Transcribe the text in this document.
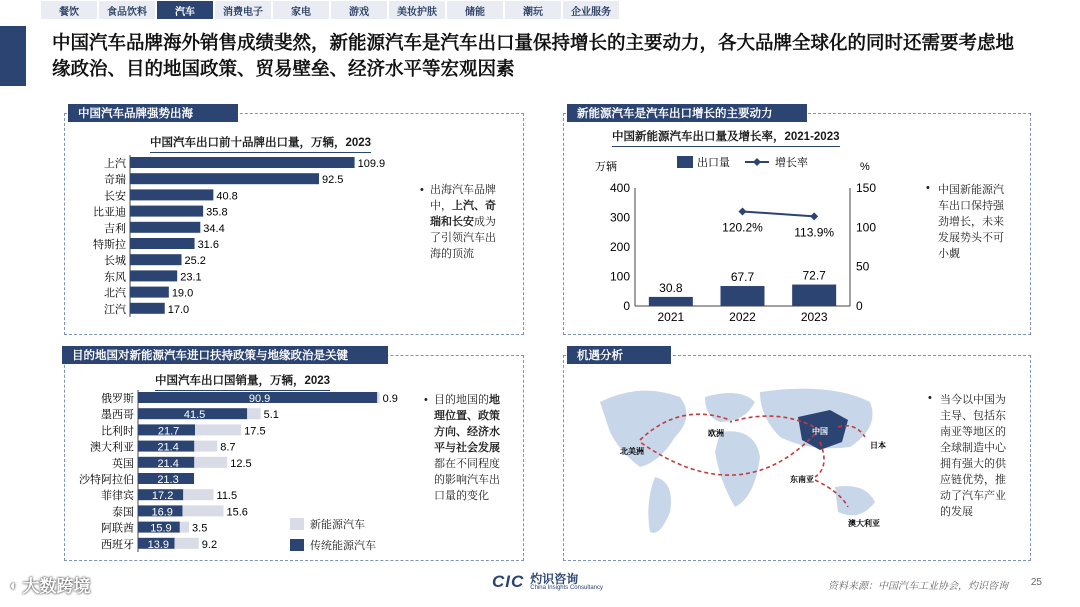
餐饮	食品饮料	汽车	消费电子	家电	游戏	美妆护肤	储能	潮玩	企业服务
中国汽车品牌海外销售成绩斐然，新能源汽车是汽车出口量保持增长的主要动力，各大品牌全球化的同时还需要考虑地缘政治、目的地国政策、贸易壁垒、经济水平等宏观因素
中国汽车品牌强势出海
中国汽车出口前十品牌出口量，万辆，2023
上汽	109.9
奇瑞	92.5
长安	40.8
比亚迪	35.8
吉利	34.4
特斯拉	31.6
长城	25.2
东风	23.1
北汽	19.0
江汽	17.0
• 出海汽车品牌中，上汽、奇瑞和长安成为了引领汽车出海的顶流
新能源汽车是汽车出口增长的主要动力
中国新能源汽车出口量及增长率，2021-2023
万辆	%
出口量	增长率
0
100
200
300
400
0
50
100
150
30.8
2021
67.7
2022
72.7
2023
120.2%	113.9%
中国新能源汽车出口保持强劲增长，未来发展势头不可小觑
•
目的地国对新能源汽车进口扶持政策与地缘政治是关键
中国汽车出口国销量，万辆，2023
俄罗斯	90.9	0.9
墨西哥	41.5	5.1
比利时 21.7	17.5
澳大利亚 21.4	8.7
英国 21.4	12.5
沙特阿拉伯 21.3
菲律宾 17.2	11.5
泰国 16.9	15.6
阿联酋 15.9 3.5
西班牙 13.9	9.2
• 目的地国的地理位置、政策方向、经济水平与社会发展都在不同程度的影响汽车出口量的变化
新能源汽车
传统能源汽车
机遇分析
北美洲
欧洲	中国
日本
东南亚
澳大利亚
当今以中国为主导、包括东南亚等地区的全球制造中心拥有强大的供应链优势，推动了汽车产业的发展
•
◐ 大数跨境	CIC 灼识咨询
China Insights Consultancy	资料来源：中国汽车工业协会，灼识咨询 25
